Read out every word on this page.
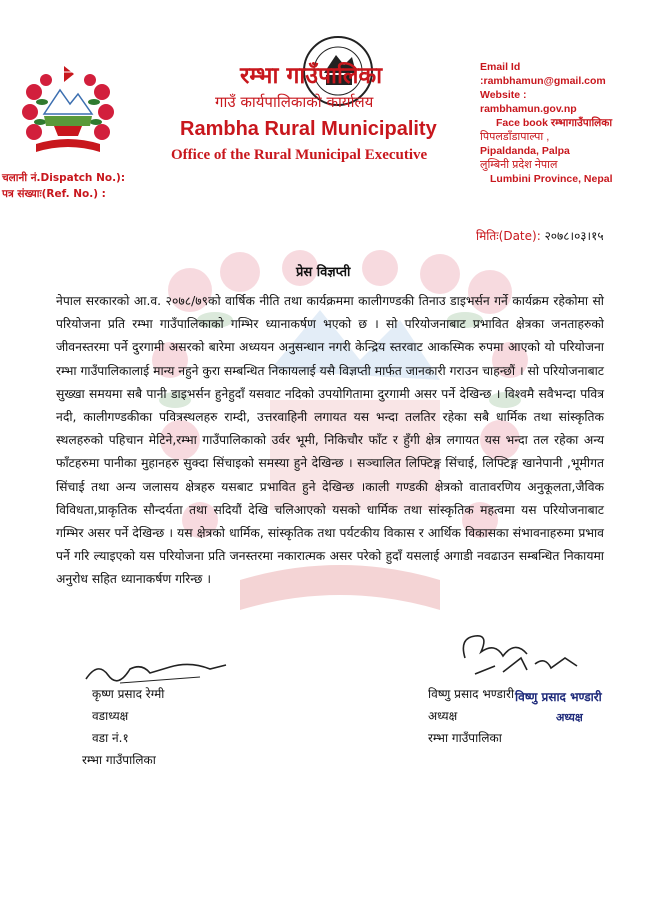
रम्भा गाउँपालिका
गाउँ कार्यपालिकाको कार्यालय
Rambha Rural Municipality
Office of the Rural Municipal Executive
Email Id
:rambhamun@gmail.com
Website :
rambhamun.gov.np
Face book रम्भागाउँपालिका
पिपलडाँडापाल्पा ,
Pipaldanda, Palpa
लुम्बिनी प्रदेश नेपाल
Lumbini Province, Nepal
चलानी नं.Dispatch No.):
पत्र संख्याः(Ref. No.) :
मितिः(Date): २०७८।०३।१५
प्रेस विज्ञप्ती
नेपाल सरकारको आ.व. २०७८/७९को वार्षिक नीति तथा कार्यक्रममा कालीगण्डकी तिनाउ डाइभर्सन गर्ने कार्यक्रम रहेकोमा सो परियोजना प्रति रम्भा गाउँपालिकाको गम्भिर ध्यानाकर्षण भएको छ । सो परियोजनाबाट प्रभावित क्षेत्रका जनताहरुको जीवनस्तरमा पर्ने दुरगामी असरको बारेमा अध्ययन अनुसन्धान नगरी केन्द्रिय स्तरवाट आकस्मिक रुपमा आएको यो परियोजना रम्भा गाउँपालिकालाई मान्य नहुने कुरा सम्बन्धित निकायलाई यसै विज्ञप्ती मार्फत जानकारी गराउन चाहन्छौं । सो परियोजनाबाट सुख्खा समयमा सबै पानी डाइभर्सन हुनेहुदाँ यसवाट नदिको उपयोगितामा दुरगामी असर पर्ने देखिन्छ । विश्वमै सवैभन्दा पवित्र नदी, कालीगण्डकीका पवित्रस्थलहरु राम्दी, उत्तरवाहिनी लगायत यस भन्दा तलतिर रहेका सबै धार्मिक तथा सांस्कृतिक स्थलहरुको पहिचान मेटिने,रम्भा गाउँपालिकाको उर्वर भूमी, निकिचौर फाँट र हुँगी क्षेत्र लगायत यस भन्दा तल रहेका अन्य फाँटहरुमा पानीका मुहानहरु सुक्दा सिंचाइको समस्या हुने देखिन्छ । सञ्चालित लिफ्टिङ्ग सिंचाई, लिफ्टिङ्ग खानेपानी ,भूमीगत सिंचाई तथा अन्य जलासय क्षेत्रहरु यसबाट प्रभावित हुने देखिन्छ ।काली गण्डकी क्षेत्रको वातावरणिय अनुकूलता,जैविक विविधता,प्राकृतिक सौन्दर्यता तथा सदियौं देखि चलिआएको यसको धार्मिक तथा सांस्कृतिक महत्वमा यस परियोजनाबाट गम्भिर असर पर्ने देखिन्छ । यस क्षेत्रको धार्मिक, सांस्कृतिक तथा पर्यटकीय विकास र आर्थिक विकासका संभावनाहरुमा प्रभाव पर्ने गरि ल्याइएको यस परियोजना प्रति जनस्तरमा नकारात्मक असर परेको हुदाँ यसलाई अगाडी नवढाउन सम्बन्धित निकायमा अनुरोध सहित ध्यानाकर्षण गरिन्छ ।
कृष्ण प्रसाद रेग्मी
वडाध्यक्ष
वडा नं.१
रम्भा गाउँपालिका
विष्णु प्रसाद भण्डारी
अध्यक्ष
रम्भा गाउँपालिका
विष्णु प्रसाद भण्डारी
अध्यक्ष
